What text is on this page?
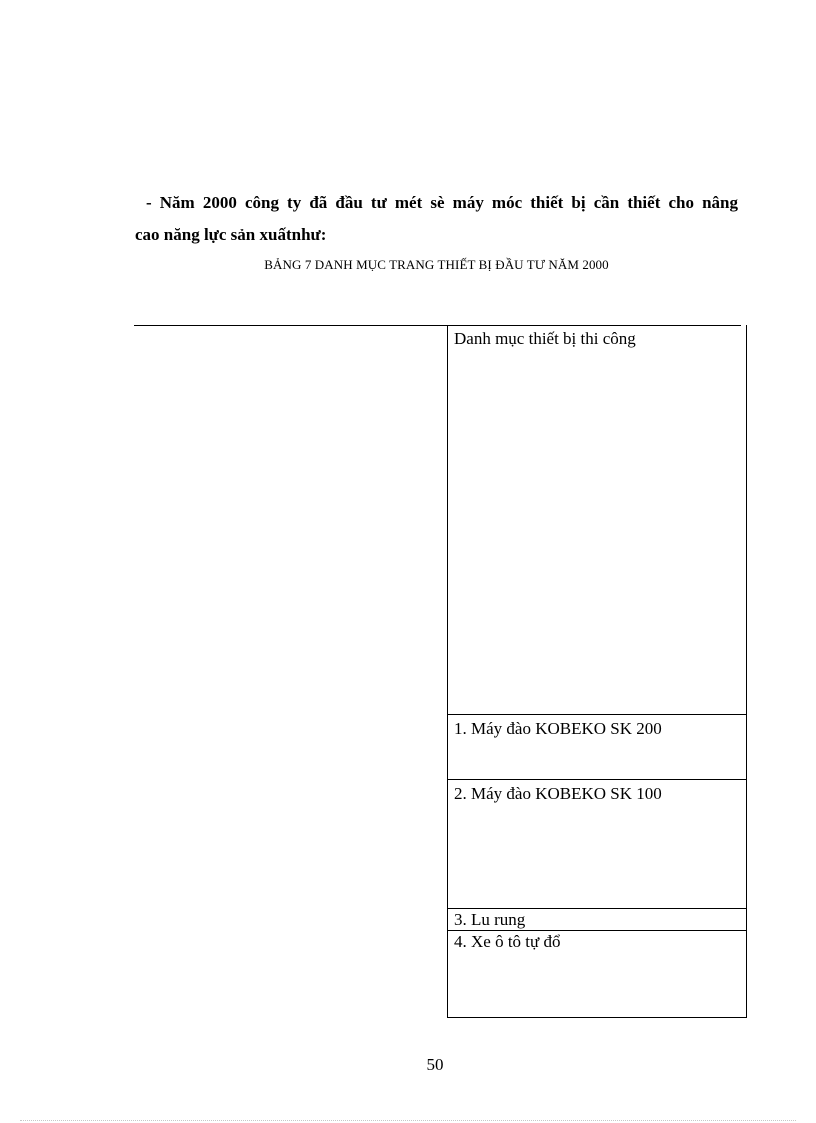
- Năm 2000 công ty đã đầu tư mét sè máy móc thiết bị cần thiết cho nâng
cao năng lực sản xuấtnhư:
BẢNG 7 DANH MỤC TRANG THIẾT BỊ ĐẦU TƯ NĂM 2000
Danh mục thiết bị thi công
1. Máy đào KOBEKO SK 200
2. Máy đào KOBEKO SK 100
3. Lu rung
4. Xe ô tô tự đổ
50
